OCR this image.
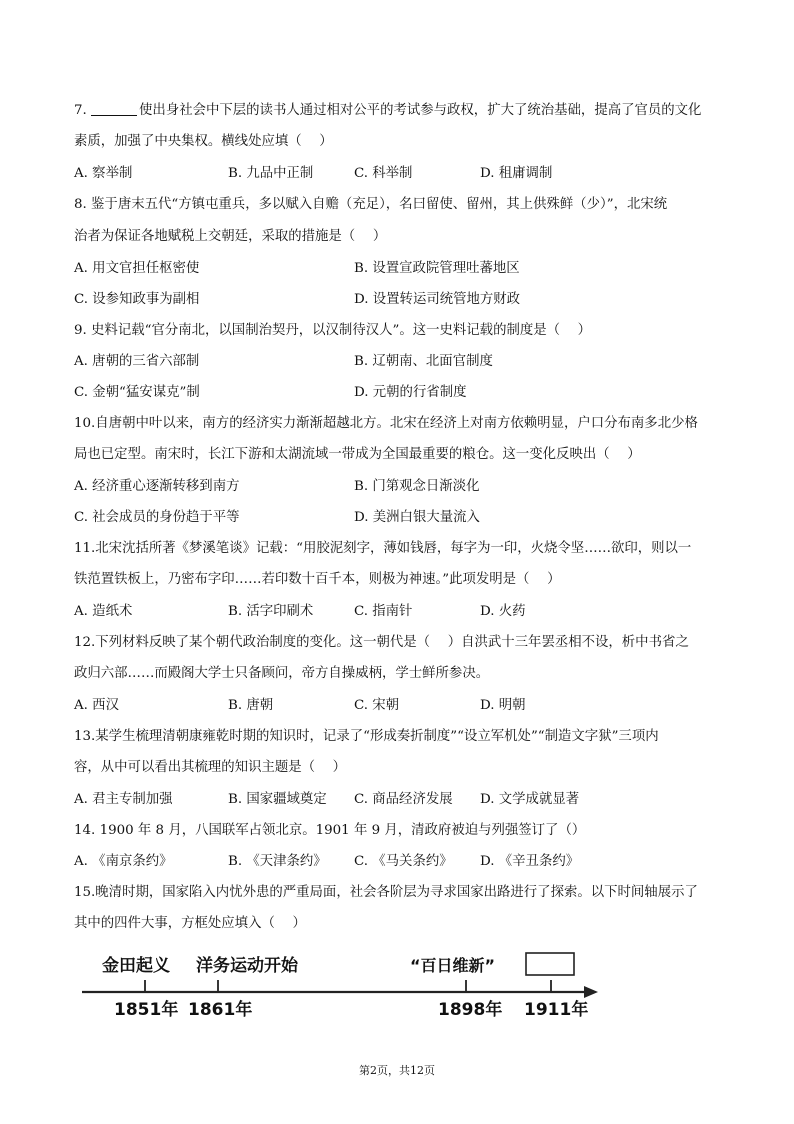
7.	使出身社会中下层的读书人通过相对公平的考试参与政权，扩大了统治基础，提高了官员的文化
素质，加强了中央集权。横线处应填（　 ）
A. 察举制	B. 九品中正制	C. 科举制	D. 租庸调制
8. 鉴于唐末五代“方镇屯重兵，多以赋入自赡（充足），名曰留使、留州，其上供殊鲜（少）”，北宋统
治者为保证各地赋税上交朝廷，采取的措施是（　 ）
A. 用文官担任枢密使	B. 设置宣政院管理吐蕃地区
C. 设参知政事为副相	D. 设置转运司统管地方财政
9. 史料记载“官分南北，以国制治契丹，以汉制待汉人”。这一史料记载的制度是（　 ）
A. 唐朝的三省六部制	B. 辽朝南、北面官制度
C. 金朝“猛安谋克”制	D. 元朝的行省制度
10.自唐朝中叶以来，南方的经济实力渐渐超越北方。北宋在经济上对南方依赖明显，户口分布南多北少格
局也已定型。南宋时，长江下游和太湖流域一带成为全国最重要的粮仓。这一变化反映出（　 ）
A. 经济重心逐渐转移到南方	B. 门第观念日渐淡化
C. 社会成员的身份趋于平等	D. 美洲白银大量流入
11.北宋沈括所著《梦溪笔谈》记载：“用胶泥刻字，薄如钱唇，每字为一印，火烧令坚……欲印，则以一
铁范置铁板上，乃密布字印……若印数十百千本，则极为神速。”此项发明是（　 ）
A. 造纸术	B. 活字印刷术	C. 指南针	D. 火药
12.下列材料反映了某个朝代政治制度的变化。这一朝代是（　 ）自洪武十三年罢丞相不设，析中书省之
政归六部……而殿阁大学士只备顾问，帝方自操威柄，学士鲜所参决。
A. 西汉	B. 唐朝	C. 宋朝	D. 明朝
13.某学生梳理清朝康雍乾时期的知识时，记录了“形成奏折制度”“设立军机处”“制造文字狱”三项内
容，从中可以看出其梳理的知识主题是（　 ）
A. 君主专制加强	B. 国家疆域奠定 C. 商品经济发展 D. 文学成就显著
14. 1900 年 8 月，八国联军占领北京。1901 年 9 月，清政府被迫与列强签订了（）
A. 《南京条约》	B. 《天津条约》 C. 《马关条约》 D. 《辛丑条约》
15.晚清时期，国家陷入内忧外患的严重局面，社会各阶层为寻求国家出路进行了探索。以下时间轴展示了
其中的四件大事，方框处应填入（　 ）
金田起义 洋务运动开始	“百日维新”
1851年 1861年	1898年 1911年
第2页，共12页
